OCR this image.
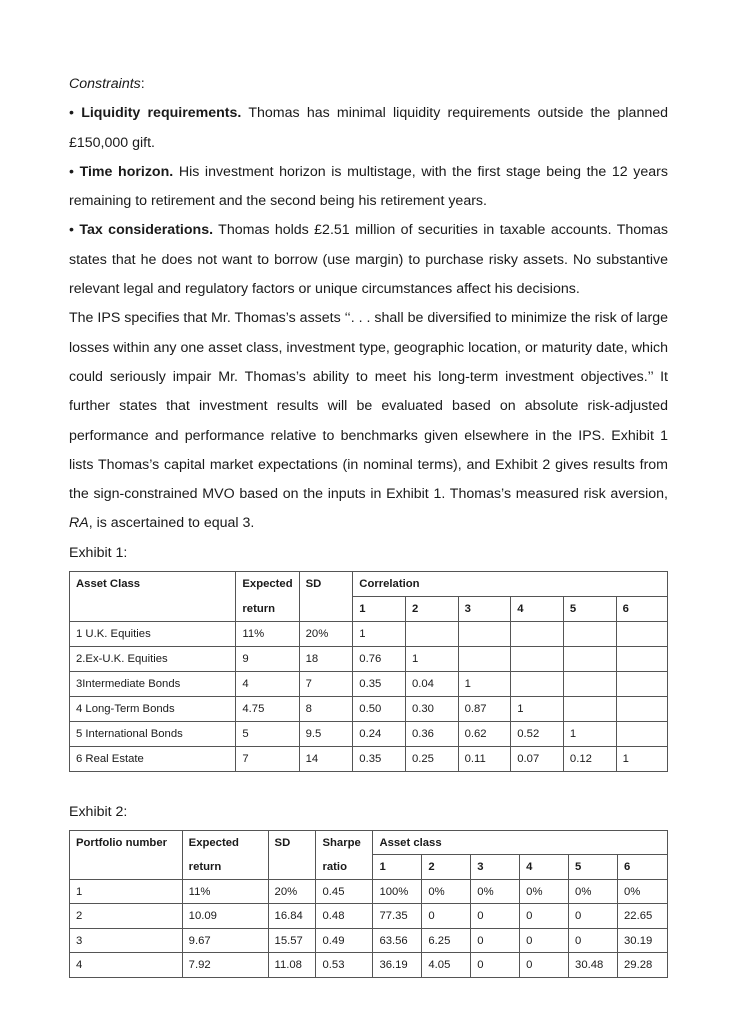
Constraints:

• Liquidity requirements. Thomas has minimal liquidity requirements outside the planned £150,000 gift.

• Time horizon. His investment horizon is multistage, with the first stage being the 12 years remaining to retirement and the second being his retirement years.

• Tax considerations. Thomas holds £2.51 million of securities in taxable accounts. Thomas states that he does not want to borrow (use margin) to purchase risky assets. No substantive relevant legal and regulatory factors or unique circumstances affect his decisions.

The IPS specifies that Mr. Thomas’s assets ‘‘. . . shall be diversified to minimize the risk of large losses within any one asset class, investment type, geographic location, or maturity date, which could seriously impair Mr. Thomas’s ability to meet his long-term investment objectives.’’ It further states that investment results will be evaluated based on absolute risk-adjusted performance and performance relative to benchmarks given elsewhere in the IPS. Exhibit 1 lists Thomas’s capital market expectations (in nominal terms), and Exhibit 2 gives results from the sign-constrained MVO based on the inputs in Exhibit 1. Thomas’s measured risk aversion, RA, is ascertained to equal 3.

Exhibit 1:

Asset Class	Expected	SD	Correlation					
	return		1	2	3	4	5	6
1 U.K. Equities	11%	20%	1					
2.Ex-U.K. Equities	9	18	0.76	1				
3Intermediate Bonds	4	7	0.35	0.04	1			
4 Long-Term Bonds	4.75	8	0.50	0.30	0.87	1		
5 International Bonds	5	9.5	0.24	0.36	0.62	0.52	1	
6 Real Estate	7	14	0.35	0.25	0.11	0.07	0.12	1

Exhibit 2:

Portfolio number	Expected	SD	Sharpe	Asset class					
	return		ratio	1	2	3	4	5	6
1	11%	20%	0.45	100%	0%	0%	0%	0%	0%
2	10.09	16.84	0.48	77.35	0	0	0	0	22.65
3	9.67	15.57	0.49	63.56	6.25	0	0	0	30.19
4	7.92	11.08	0.53	36.19	4.05	0	0	30.48	29.28
